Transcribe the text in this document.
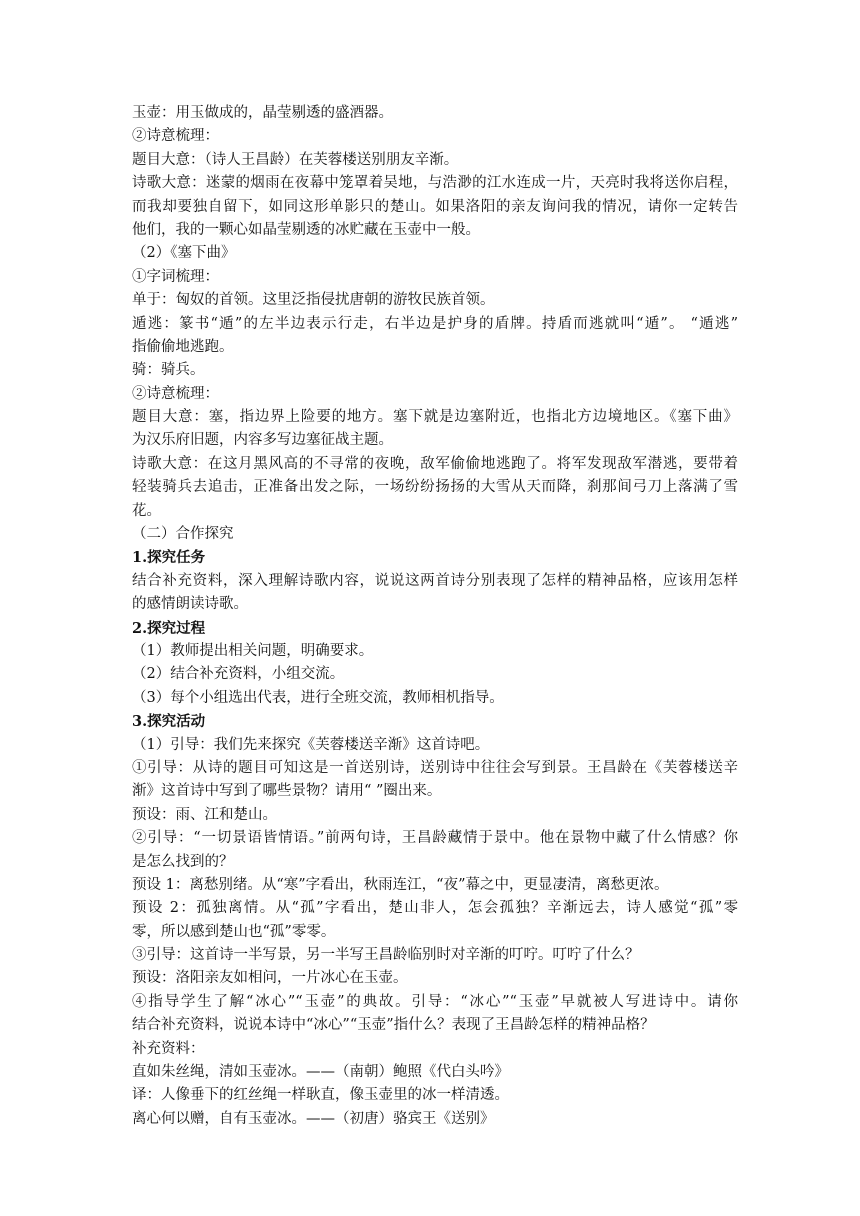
玉壶：用玉做成的，晶莹剔透的盛酒器。
②诗意梳理：
题目大意：（诗人王昌龄）在芙蓉楼送别朋友辛渐。
诗歌大意：迷蒙的烟雨在夜幕中笼罩着吴地，与浩渺的江水连成一片，天亮时我将送你启程，
而我却要独自留下，如同这形单影只的楚山。如果洛阳的亲友询问我的情况，请你一定转告
他们，我的一颗心如晶莹剔透的冰贮藏在玉壶中一般。
（2）《塞下曲》
①字词梳理：
单于：匈奴的首领。这里泛指侵扰唐朝的游牧民族首领。
遁逃：篆书“遁”的左半边表示行走，右半边是护身的盾牌。持盾而逃就叫“遁”。 “遁逃”
指偷偷地逃跑。
骑：骑兵。
②诗意梳理：
题目大意：塞，指边界上险要的地方。塞下就是边塞附近，也指北方边境地区。《塞下曲》
为汉乐府旧题，内容多写边塞征战主题。
诗歌大意：在这月黑风高的不寻常的夜晚，敌军偷偷地逃跑了。将军发现敌军潜逃，要带着
轻装骑兵去追击，正准备出发之际，一场纷纷扬扬的大雪从天而降，刹那间弓刀上落满了雪
花。
（二）合作探究
1.探究任务
结合补充资料，深入理解诗歌内容，说说这两首诗分别表现了怎样的精神品格，应该用怎样
的感情朗读诗歌。
2.探究过程
（1）教师提出相关问题，明确要求。
（2）结合补充资料，小组交流。
（3）每个小组选出代表，进行全班交流，教师相机指导。
3.探究活动
（1）引导：我们先来探究《芙蓉楼送辛渐》这首诗吧。
①引导：从诗的题目可知这是一首送别诗，送别诗中往往会写到景。王昌龄在《芙蓉楼送辛
渐》这首诗中写到了哪些景物？请用“ ”圈出来。
预设：雨、江和楚山。
②引导：“一切景语皆情语。”前两句诗，王昌龄藏情于景中。他在景物中藏了什么情感？你
是怎么找到的？
预设 1：离愁别绪。从“寒”字看出，秋雨连江，“夜”幕之中，更显凄清，离愁更浓。
预设 2：孤独离情。从“孤”字看出，楚山非人，怎会孤独？辛渐远去，诗人感觉“孤”零
零，所以感到楚山也“孤”零零。
③引导：这首诗一半写景，另一半写王昌龄临别时对辛渐的叮咛。叮咛了什么？
预设：洛阳亲友如相问，一片冰心在玉壶。
④指导学生了解“冰心”“玉壶”的典故。引导：“冰心”“玉壶”早就被人写进诗中。请你
结合补充资料，说说本诗中“冰心”“玉壶”指什么？表现了王昌龄怎样的精神品格？
补充资料：
直如朱丝绳，清如玉壶冰。——（南朝）鲍照《代白头吟》
译：人像垂下的红丝绳一样耿直，像玉壶里的冰一样清透。
离心何以赠，自有玉壶冰。——（初唐）骆宾王《送别》
